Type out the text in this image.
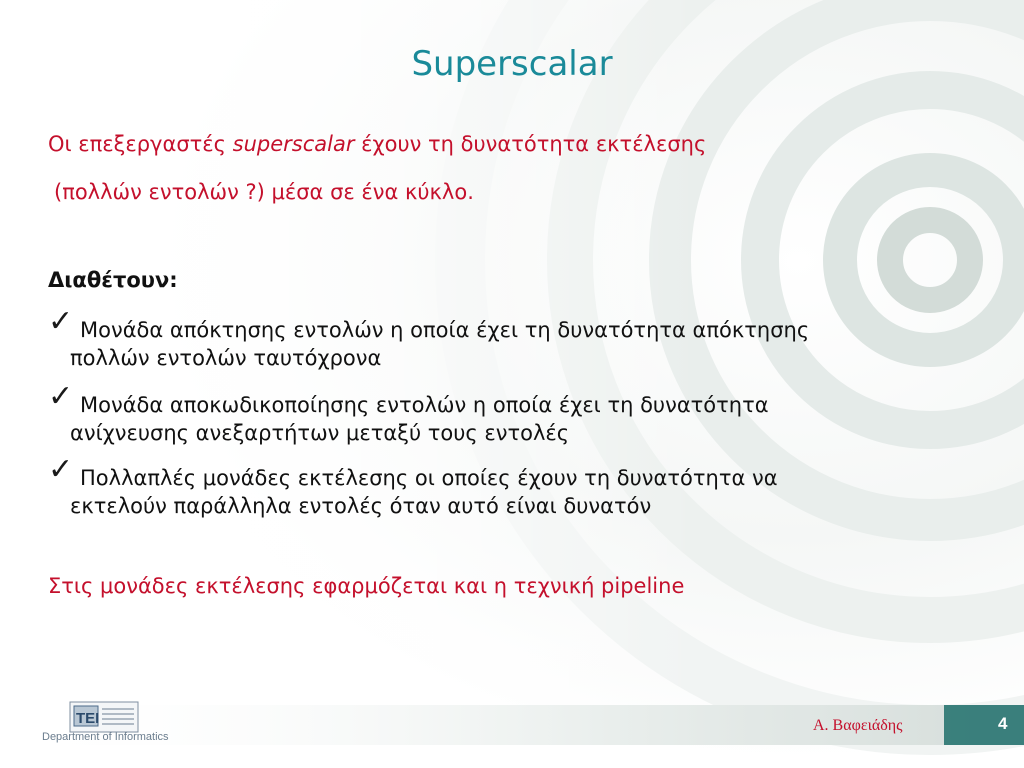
Superscalar
Οι επεξεργαστές superscalar έχουν τη δυνατότητα εκτέλεσης
(πολλών εντολών ?) μέσα σε ένα κύκλο.
Διαθέτουν:
✓ Μονάδα απόκτησης εντολών η οποία έχει τη δυνατότητα απόκτησης
πολλών εντολών ταυτόχρονα
✓ Μονάδα αποκωδικοποίησης εντολών η οποία έχει τη δυνατότητα
ανίχνευσης ανεξαρτήτων μεταξύ τους εντολές
✓ Πολλαπλές μονάδες εκτέλεσης οι οποίες έχουν τη δυνατότητα να
εκτελούν παράλληλα εντολές όταν αυτό είναι δυνατόν
Στις μονάδες εκτέλεσης εφαρμόζεται και η τεχνική pipeline
TEI
Department of Informatics
Α. Βαφειάδης	4
